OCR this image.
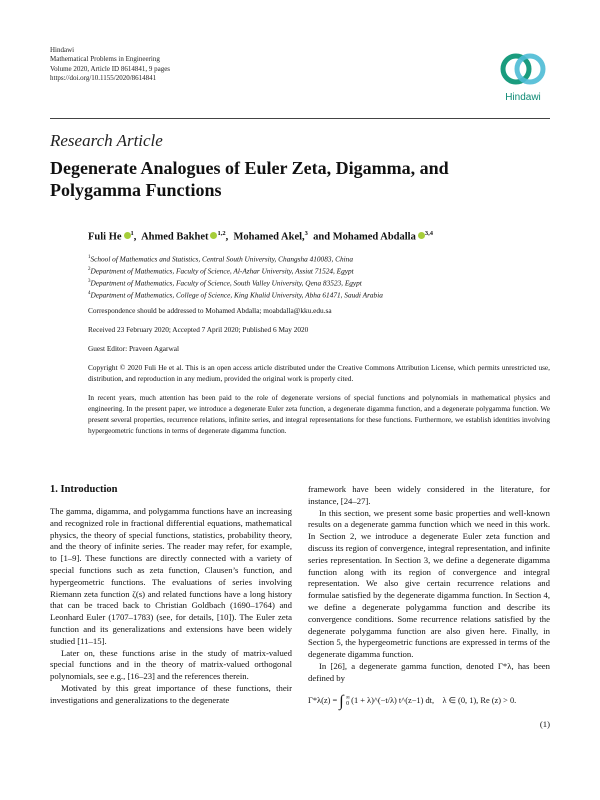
Hindawi
Mathematical Problems in Engineering
Volume 2020, Article ID 8614841, 9 pages
https://doi.org/10.1155/2020/8614841
Hindawi
Research Article
Degenerate Analogues of Euler Zeta, Digamma, and Polygamma Functions
Fuli He $^1$,  Ahmed Bakhet $^{1,2}$,  Mohamed Akel,$^3$ and Mohamed Abdalla $^{3,4}$
$^1$School of Mathematics and Statistics, Central South University, Changsha 410083, China
$^2$Department of Mathematics, Faculty of Science, Al-Azhar University, Assiut 71524, Egypt
$^3$Department of Mathematics, Faculty of Science, South Valley University, Qena 83523, Egypt
$^4$Department of Mathematics, College of Science, King Khalid University, Abha 61471, Saudi Arabia
Correspondence should be addressed to Mohamed Abdalla; moabdalla@kku.edu.sa
Received 23 February 2020; Accepted 7 April 2020; Published 6 May 2020
Guest Editor: Praveen Agarwal
Copyright © 2020 Fuli He et al. This is an open access article distributed under the Creative Commons Attribution License, which permits unrestricted use, distribution, and reproduction in any medium, provided the original work is properly cited.
In recent years, much attention has been paid to the role of degenerate versions of special functions and polynomials in mathematical physics and engineering. In the present paper, we introduce a degenerate Euler zeta function, a degenerate digamma function, and a degenerate polygamma function. We present several properties, recurrence relations, infinite series, and integral representations for these functions. Furthermore, we establish identities involving hypergeometric functions in terms of degenerate digamma function.
1. Introduction

The gamma, digamma, and polygamma functions have an increasing and recognized role in fractional differential equations, mathematical physics, the theory of special functions, statistics, probability theory, and the theory of infinite series. The reader may refer, for example, to [1–9]. These functions are directly connected with a variety of special functions such as zeta function, Clausen’s function, and hypergeometric functions. The evaluations of series involving Riemann zeta function ζ(s) and related functions have a long history that can be traced back to Christian Goldbach (1690–1764) and Leonhard Euler (1707–1783) (see, for details, [10]). The Euler zeta function and its generalizations and extensions have been widely studied [11–15].

Later on, these functions arise in the study of matrix-valued special functions and in the theory of matrix-valued orthogonal polynomials, see e.g., [16–23] and the references therein.

Motivated by this great importance of these functions, their investigations and generalizations to the degenerate

framework have been widely considered in the literature, for instance, [24–27].

In this section, we present some basic properties and well-known results on a degenerate gamma function which we need in this work. In Section 2, we introduce a degenerate Euler zeta function and discuss its region of convergence, integral representation, and infinite series representation. In Section 3, we define a degenerate digamma function along with its region of convergence and integral representation. We also give certain recurrence relations and formulae satisfied by the degenerate digamma function. In Section 4, we define a degenerate polygamma function and describe its convergence conditions. Some recurrence relations satisfied by the degenerate polygamma function are also given here. Finally, in Section 5, the hypergeometric functions are expressed in terms of the degenerate digamma function.

In [26], a degenerate gamma function, denoted Γ*λ, has been defined by

Γ*λ(z) = ∫ ∞$_0$ (1 + λ)^(−t/λ) t^(z−1) dt, λ ∈ (0, 1), Re (z) > 0.
(1)
